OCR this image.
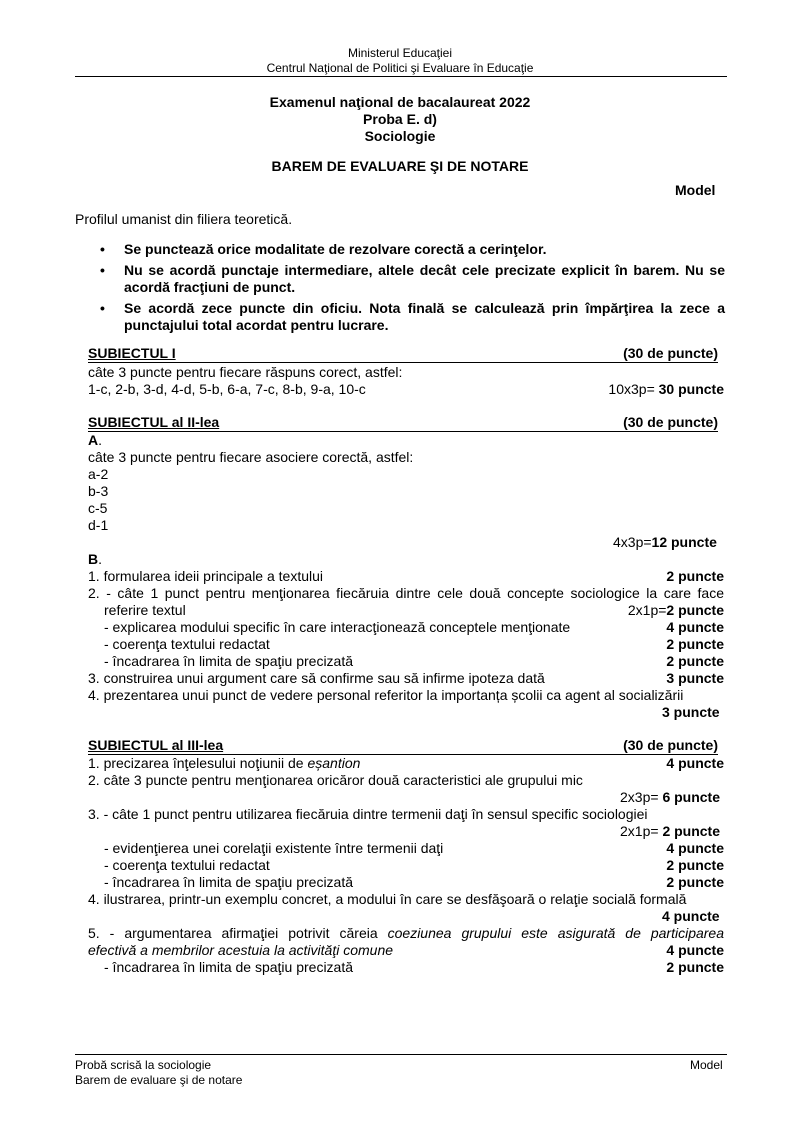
Ministerul Educaţiei
Centrul Naţional de Politici şi Evaluare în Educaţie
Examenul naţional de bacalaureat 2022
Proba E. d)
Sociologie
BAREM DE EVALUARE ŞI DE NOTARE
Model
Profilul umanist din filiera teoretică.
• Se punctează orice modalitate de rezolvare corectă a cerinţelor.
• Nu se acordă punctaje intermediare, altele decât cele precizate explicit în barem. Nu se acordă fracţiuni de punct.
• Se acordă zece puncte din oficiu. Nota finală se calculează prin împărţirea la zece a punctajului total acordat pentru lucrare.
SUBIECTUL I	(30 de puncte)
câte 3 puncte pentru fiecare răspuns corect, astfel:
1-c, 2-b, 3-d, 4-d, 5-b, 6-a, 7-c, 8-b, 9-a, 10-c	10x3p= 30 puncte
SUBIECTUL al II-lea	(30 de puncte)
A.
câte 3 puncte pentru fiecare asociere corectă, astfel:
a-2
b-3
c-5
d-1
4x3p=12 puncte
B.
1. formularea ideii principale a textului	2 puncte
2. - câte 1 punct pentru menţionarea fiecăruia dintre cele două concepte sociologice la care face
referire textul	2x1p=2 puncte
- explicarea modului specific în care interacţionează conceptele menţionate	4 puncte
- coerenţa textului redactat	2 puncte
- încadrarea în limita de spaţiu precizată	2 puncte
3. construirea unui argument care să confirme sau să infirme ipoteza dată	3 puncte
4. prezentarea unui punct de vedere personal referitor la importanța școlii ca agent al socializării
3 puncte
SUBIECTUL al III-lea	(30 de puncte)
1. precizarea înţelesului noţiunii de eșantion	4 puncte
2. câte 3 puncte pentru menţionarea oricăror două caracteristici ale grupului mic
2x3p= 6 puncte
3. - câte 1 punct pentru utilizarea fiecăruia dintre termenii daţi în sensul specific sociologiei
2x1p= 2 puncte
- evidenţierea unei corelaţii existente între termenii daţi	4 puncte
- coerenţa textului redactat	2 puncte
- încadrarea în limita de spaţiu precizată	2 puncte
4. ilustrarea, printr-un exemplu concret, a modului în care se desfăşoară o relaţie socială formală
4 puncte
5. - argumentarea afirmaţiei potrivit căreia coeziunea grupului este asigurată de participarea
efectivă a membrilor acestuia la activităţi comune	4 puncte
- încadrarea în limita de spaţiu precizată	2 puncte
Probă scrisă la sociologie
Barem de evaluare şi de notare
Model
